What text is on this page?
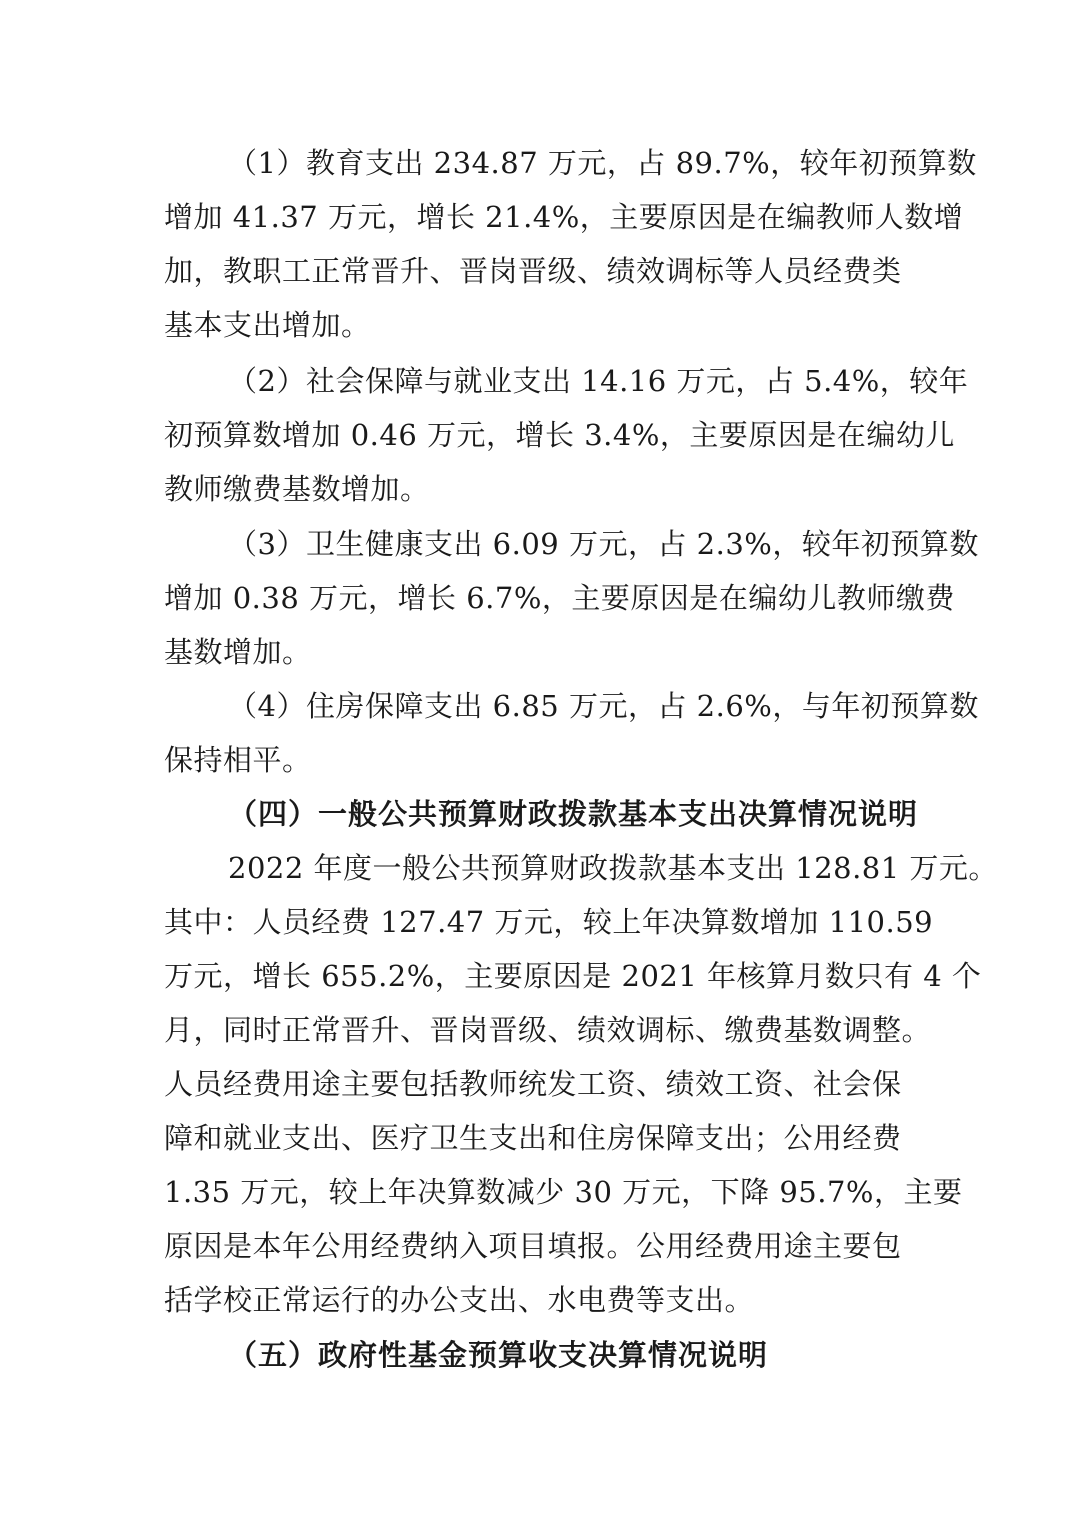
（1）教育支出 234.87 万元，占 89.7%，较年初预算数
增加 41.37 万元，增长 21.4%，主要原因是在编教师人数增
加，教职工正常晋升、晋岗晋级、绩效调标等人员经费类
基本支出增加。
（2）社会保障与就业支出 14.16 万元，占 5.4%，较年
初预算数增加 0.46 万元，增长 3.4%，主要原因是在编幼儿
教师缴费基数增加。
（3）卫生健康支出 6.09 万元，占 2.3%，较年初预算数
增加 0.38 万元，增长 6.7%，主要原因是在编幼儿教师缴费
基数增加。
（4）住房保障支出 6.85 万元，占 2.6%，与年初预算数
保持相平。
（四）一般公共预算财政拨款基本支出决算情况说明
2022 年度一般公共预算财政拨款基本支出 128.81 万元。
其中：人员经费 127.47 万元，较上年决算数增加 110.59
万元，增长 655.2%，主要原因是 2021 年核算月数只有 4 个
月，同时正常晋升、晋岗晋级、绩效调标、缴费基数调整。
人员经费用途主要包括教师统发工资、绩效工资、社会保
障和就业支出、医疗卫生支出和住房保障支出；公用经费
1.35 万元，较上年决算数减少 30 万元，下降 95.7%，主要
原因是本年公用经费纳入项目填报。公用经费用途主要包
括学校正常运行的办公支出、水电费等支出。
（五）政府性基金预算收支决算情况说明
